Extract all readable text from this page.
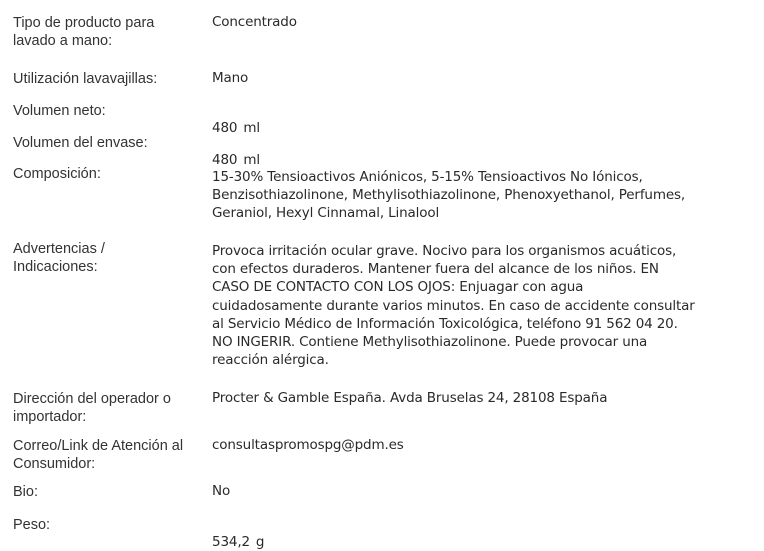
Tipo de producto para
lavado a mano:
Concentrado
Utilización lavavajillas:	Mano
Volumen neto:

480 ml

Volumen del envase:

480 ml

Composición:	15-30% Tensioactivos Aniónicos, 5-15% Tensioactivos No Iónicos,
Benzisothiazolinone, Methylisothiazolinone, Phenoxyethanol, Perfumes,
Geraniol, Hexyl Cinnamal, Linalool
Advertencias /
Indicaciones:
Provoca irritación ocular grave. Nocivo para los organismos acuáticos,
con efectos duraderos. Mantener fuera del alcance de los niños. EN
CASO DE CONTACTO CON LOS OJOS: Enjuagar con agua
cuidadosamente durante varios minutos. En caso de accidente consultar
al Servicio Médico de Información Toxicológica, teléfono 91 562 04 20.
NO INGERIR. Contiene Methylisothiazolinone. Puede provocar una
reacción alérgica.
Dirección del operador o
importador:
Procter & Gamble España. Avda Bruselas 24, 28108 España
Correo/Link de Atención al
Consumidor:
consultaspromospg@pdm.es
Bio:	No
Peso:

534,2 g
